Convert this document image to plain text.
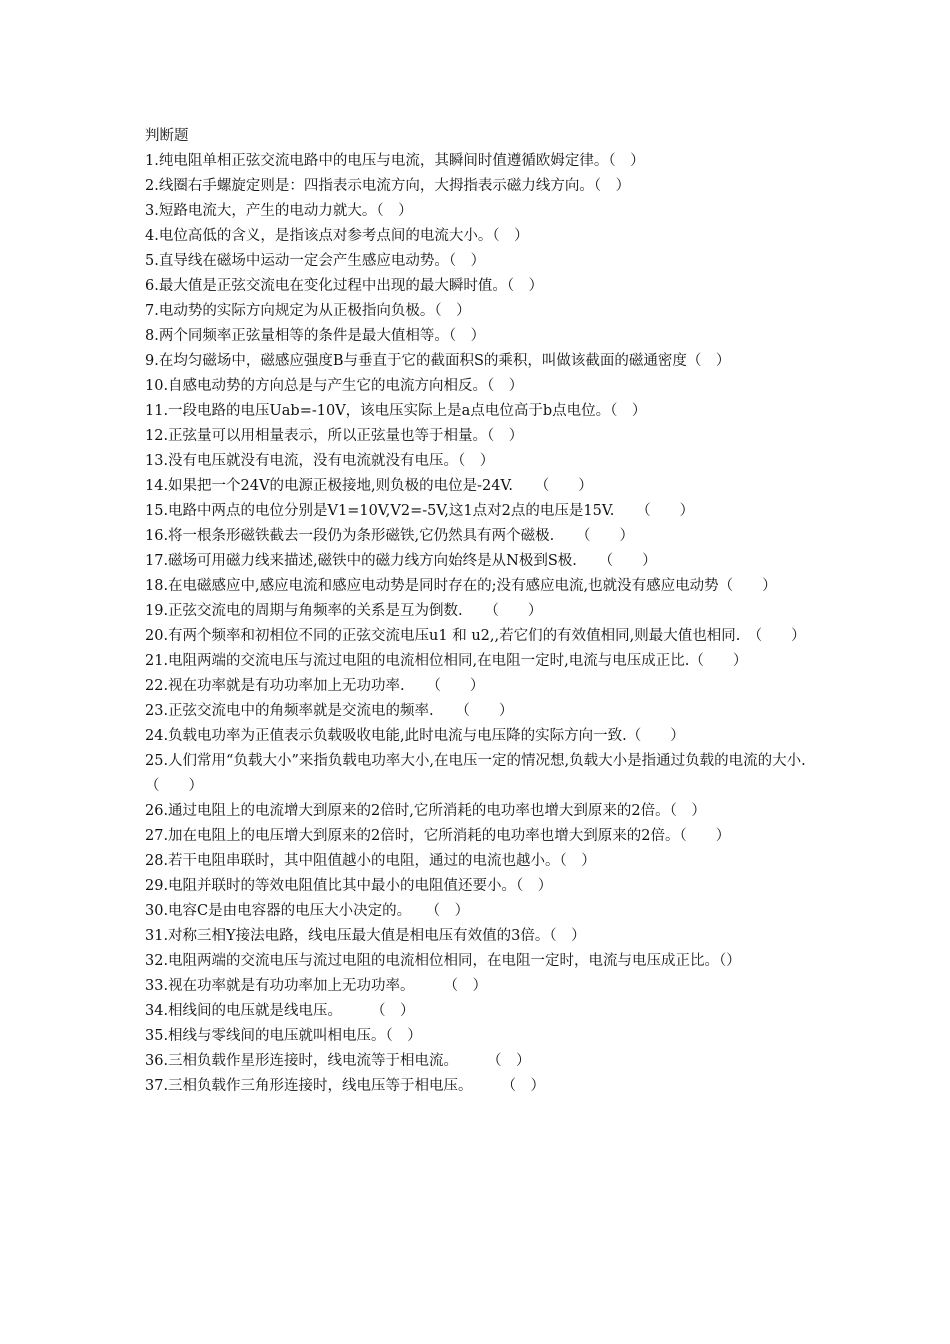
判断题
1.纯电阻单相正弦交流电路中的电压与电流，其瞬间时值遵循欧姆定律。（　）
2.线圈右手螺旋定则是：四指表示电流方向，大拇指表示磁力线方向。（　）
3.短路电流大，产生的电动力就大。（　）
4.电位高低的含义，是指该点对参考点间的电流大小。（　）
5.直导线在磁场中运动一定会产生感应电动势。（　）
6.最大值是正弦交流电在变化过程中出现的最大瞬时值。（　）
7.电动势的实际方向规定为从正极指向负极。（　）
8.两个同频率正弦量相等的条件是最大值相等。（　）
9.在均匀磁场中，磁感应强度B与垂直于它的截面积S的乘积，叫做该截面的磁通密度（　）
10.自感电动势的方向总是与产生它的电流方向相反。（　）
11.一段电路的电压Uab=-10V，该电压实际上是a点电位高于b点电位。（　）
12.正弦量可以用相量表示，所以正弦量也等于相量。（　）
13.没有电压就没有电流，没有电流就没有电压。（　）
14.如果把一个24V的电源正极接地,则负极的电位是-24V.　　（　　）
15.电路中两点的电位分别是V1=10V,V2=-5V,这1点对2点的电压是15V.　　（　　）
16.将一根条形磁铁截去一段仍为条形磁铁,它仍然具有两个磁极.　　（　　）
17.磁场可用磁力线来描述,磁铁中的磁力线方向始终是从N极到S极.　　（　　）
18.在电磁感应中,感应电流和感应电动势是同时存在的;没有感应电流,也就没有感应电动势（　　）
19.正弦交流电的周期与角频率的关系是互为倒数.　　（　　）
20.有两个频率和初相位不同的正弦交流电压u1 和 u2,,若它们的有效值相同,则最大值也相同.　（　　）
21.电阻两端的交流电压与流过电阻的电流相位相同,在电阻一定时,电流与电压成正比.（　　）
22.视在功率就是有功功率加上无功功率.　　（　　）
23.正弦交流电中的角频率就是交流电的频率.　　（　　）
24.负载电功率为正值表示负载吸收电能,此时电流与电压降的实际方向一致.（　　）
25.人们常用“负载大小”来指负载电功率大小,在电压一定的情况想,负载大小是指通过负载的电流的大小.（　　）
26.通过电阻上的电流增大到原来的2倍时,它所消耗的电功率也增大到原来的2倍。（　）
27.加在电阻上的电压增大到原来的2倍时，它所消耗的电功率也增大到原来的2倍。（　　）
28.若干电阻串联时，其中阻值越小的电阻，通过的电流也越小。（　）
29.电阻并联时的等效电阻值比其中最小的电阻值还要小。（　）
30.电容C是由电容器的电压大小决定的。　　（　）
31.对称三相Y接法电路，线电压最大值是相电压有效值的3倍。（　）
32.电阻两端的交流电压与流过电阻的电流相位相同，在电阻一定时，电流与电压成正比。（）
33.视在功率就是有功功率加上无功功率。　　　（　）
34.相线间的电压就是线电压。　　　（　）
35.相线与零线间的电压就叫相电压。（　）
36.三相负载作星形连接时，线电流等于相电流。　　　（　）
37.三相负载作三角形连接时，线电压等于相电压。　　　（　）
